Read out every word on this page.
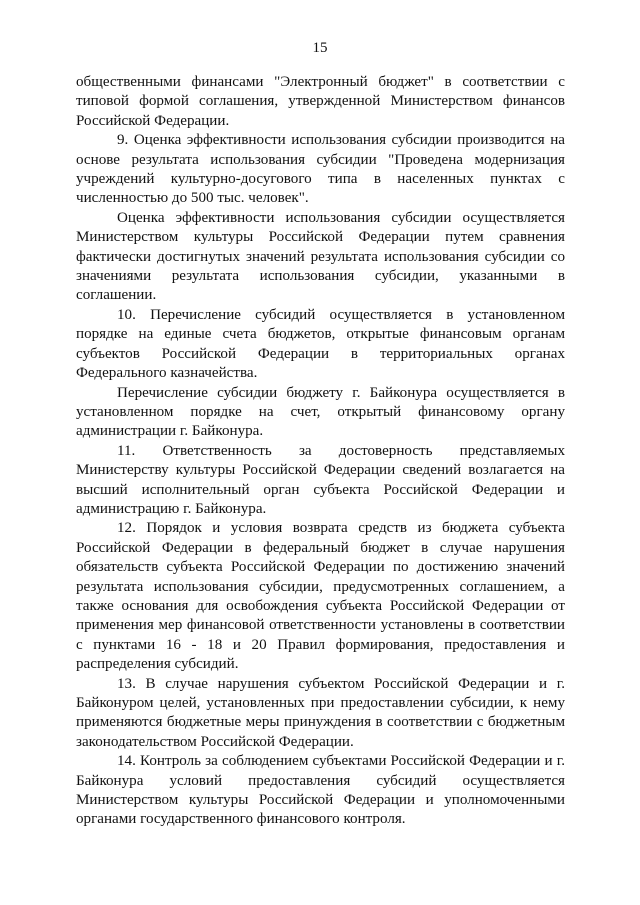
15

общественными финансами "Электронный бюджет" в соответствии с типовой формой соглашения, утвержденной Министерством финансов Российской Федерации.

9. Оценка эффективности использования субсидии производится на основе результата использования субсидии "Проведена модернизация учреждений культурно-досугового типа в населенных пунктах с численностью до 500 тыс. человек".

Оценка эффективности использования субсидии осуществляется Министерством культуры Российской Федерации путем сравнения фактически достигнутых значений результата использования субсидии со значениями результата использования субсидии, указанными в соглашении.

10. Перечисление субсидий осуществляется в установленном порядке на единые счета бюджетов, открытые финансовым органам субъектов Российской Федерации в территориальных органах Федерального казначейства.

Перечисление субсидии бюджету г. Байконура осуществляется в установленном порядке на счет, открытый финансовому органу администрации г. Байконура.

11. Ответственность за достоверность представляемых Министерству культуры Российской Федерации сведений возлагается на высший исполнительный орган субъекта Российской Федерации и администрацию г. Байконура.

12. Порядок и условия возврата средств из бюджета субъекта Российской Федерации в федеральный бюджет в случае нарушения обязательств субъекта Российской Федерации по достижению значений результата использования субсидии, предусмотренных соглашением, а также основания для освобождения субъекта Российской Федерации от применения мер финансовой ответственности установлены в соответствии с пунктами 16 - 18 и 20 Правил формирования, предоставления и распределения субсидий.

13. В случае нарушения субъектом Российской Федерации и г. Байконуром целей, установленных при предоставлении субсидии, к нему применяются бюджетные меры принуждения в соответствии с бюджетным законодательством Российской Федерации.

14. Контроль за соблюдением субъектами Российской Федерации и г. Байконура условий предоставления субсидий осуществляется Министерством культуры Российской Федерации и уполномоченными органами государственного финансового контроля.
